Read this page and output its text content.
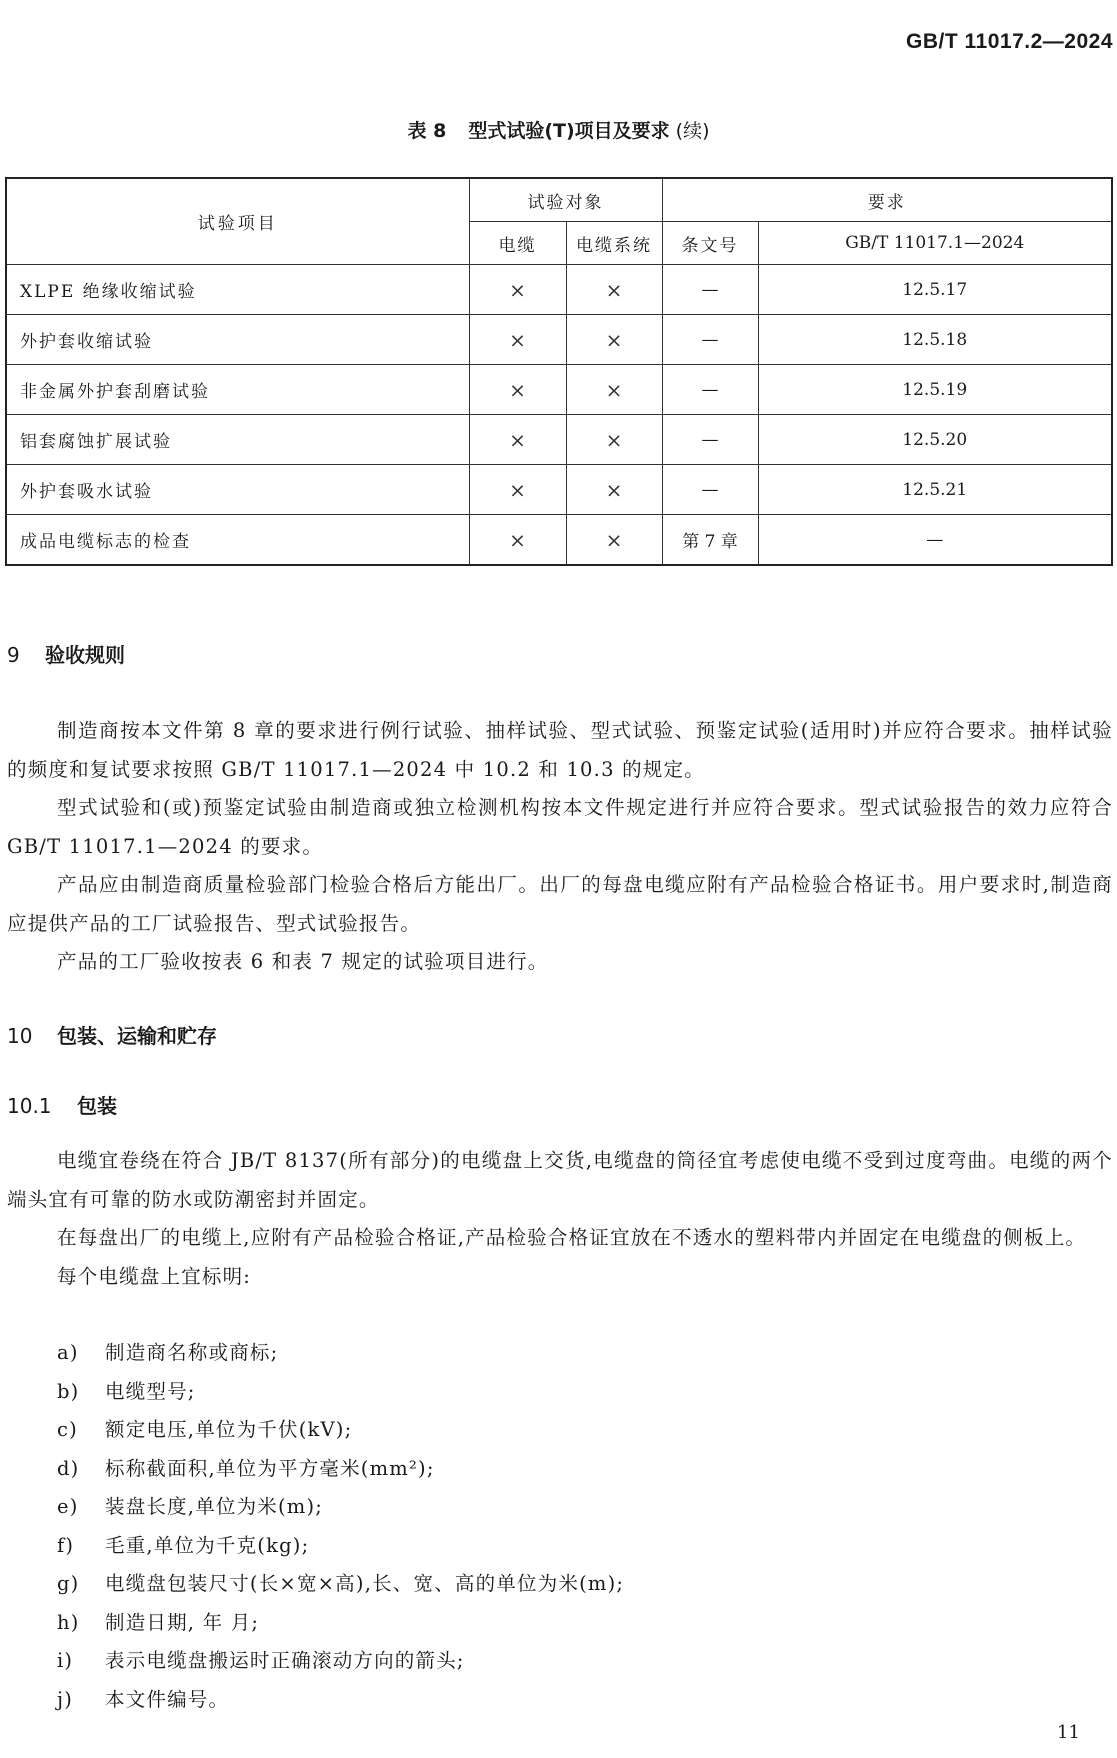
GB/T 11017.2—2024
表 8 型式试验(T)项目及要求 (续)
试验项目	试验对象		要求	
	电缆	电缆系统	条文号	GB/T 11017.1—2024
XLPE 绝缘收缩试验	×	×	—	12.5.17
外护套收缩试验	×	×	—	12.5.18
非金属外护套刮磨试验	×	×	—	12.5.19
铝套腐蚀扩展试验	×	×	—	12.5.20
外护套吸水试验	×	×	—	12.5.21
成品电缆标志的检查	×	×	第 7 章	—
9 验收规则

制造商按本文件第 8 章的要求进行例行试验、抽样试验、型式试验、预鉴定试验(适用时)并应符合要求。抽样试验的频度和复试要求按照 GB/T 11017.1—2024 中 10.2 和 10.3 的规定。

型式试验和(或)预鉴定试验由制造商或独立检测机构按本文件规定进行并应符合要求。型式试验报告的效力应符合 GB/T 11017.1—2024 的要求。

产品应由制造商质量检验部门检验合格后方能出厂。出厂的每盘电缆应附有产品检验合格证书。用户要求时,制造商应提供产品的工厂试验报告、型式试验报告。

产品的工厂验收按表 6 和表 7 规定的试验项目进行。

10 包装、运输和贮存
10.1 包装

电缆宜卷绕在符合 JB/T 8137(所有部分)的电缆盘上交货,电缆盘的筒径宜考虑使电缆不受到过度弯曲。电缆的两个端头宜有可靠的防水或防潮密封并固定。

在每盘出厂的电缆上,应附有产品检验合格证,产品检验合格证宜放在不透水的塑料带内并固定在电缆盘的侧板上。

每个电缆盘上宜标明:

a)	制造商名称或商标;
b)	电缆型号;
c)	额定电压,单位为千伏(kV);
d)	标称截面积,单位为平方毫米(mm²);
e)	装盘长度,单位为米(m);
f)	毛重,单位为千克(kg);
g)	电缆盘包装尺寸(长×宽×高),长、宽、高的单位为米(m);
h)	制造日期, 年 月;
i)	表示电缆盘搬运时正确滚动方向的箭头;
j)	本文件编号。
11
